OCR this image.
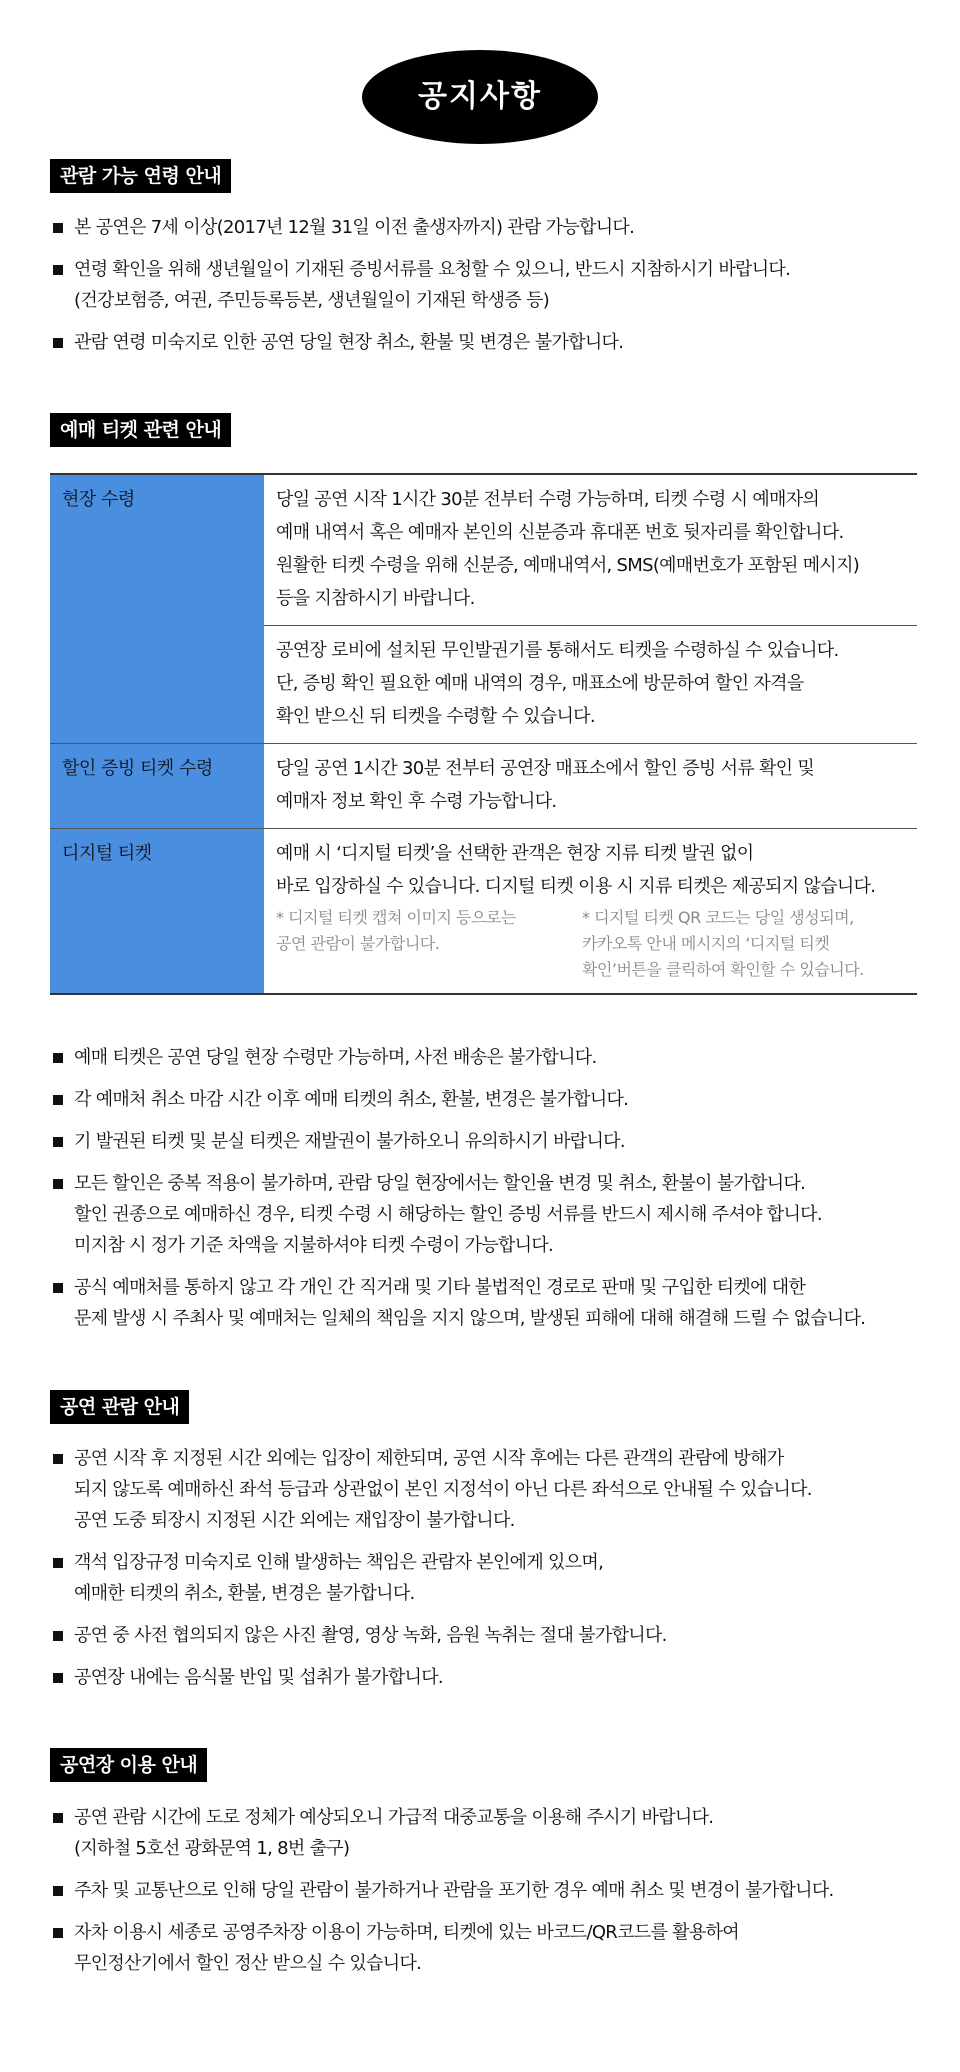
공지사항
관람 가능 연령 안내
본 공연은 7세 이상(2017년 12월 31일 이전 출생자까지) 관람 가능합니다.
연령 확인을 위해 생년월일이 기재된 증빙서류를 요청할 수 있으니, 반드시 지참하시기 바랍니다.
(건강보험증, 여권, 주민등록등본, 생년월일이 기재된 학생증 등)
관람 연령 미숙지로 인한 공연 당일 현장 취소, 환불 및 변경은 불가합니다.
예매 티켓 관련 안내
현장 수령	당일 공연 시작 1시간 30분 전부터 수령 가능하며, 티켓 수령 시 예매자의
예매 내역서 혹은 예매자 본인의 신분증과 휴대폰 번호 뒷자리를 확인합니다.
원활한 티켓 수령을 위해 신분증, 예매내역서, SMS(예매번호가 포함된 메시지)
등을 지참하시기 바랍니다.
공연장 로비에 설치된 무인발권기를 통해서도 티켓을 수령하실 수 있습니다.
단, 증빙 확인 필요한 예매 내역의 경우, 매표소에 방문하여 할인 자격을
확인 받으신 뒤 티켓을 수령할 수 있습니다.
할인 증빙 티켓 수령	당일 공연 1시간 30분 전부터 공연장 매표소에서 할인 증빙 서류 확인 및
예매자 정보 확인 후 수령 가능합니다.
디지털 티켓	예매 시 ‘디지털 티켓’을 선택한 관객은 현장 지류 티켓 발권 없이
바로 입장하실 수 있습니다. 디지털 티켓 이용 시 지류 티켓은 제공되지 않습니다.
* 디지털 티켓 캡쳐 이미지 등으로는
공연 관람이 불가합니다.
* 디지털 티켓 QR 코드는 당일 생성되며,
카카오톡 안내 메시지의 ‘디지털 티켓
확인’버튼을 클릭하여 확인할 수 있습니다.
예매 티켓은 공연 당일 현장 수령만 가능하며, 사전 배송은 불가합니다.
각 예매처 취소 마감 시간 이후 예매 티켓의 취소, 환불, 변경은 불가합니다.
기 발권된 티켓 및 분실 티켓은 재발권이 불가하오니 유의하시기 바랍니다.
모든 할인은 중복 적용이 불가하며, 관람 당일 현장에서는 할인율 변경 및 취소, 환불이 불가합니다.
할인 권종으로 예매하신 경우, 티켓 수령 시 해당하는 할인 증빙 서류를 반드시 제시해 주셔야 합니다.
미지참 시 정가 기준 차액을 지불하셔야 티켓 수령이 가능합니다.
공식 예매처를 통하지 않고 각 개인 간 직거래 및 기타 불법적인 경로로 판매 및 구입한 티켓에 대한
문제 발생 시 주최사 및 예매처는 일체의 책임을 지지 않으며, 발생된 피해에 대해 해결해 드릴 수 없습니다.
공연 관람 안내
공연 시작 후 지정된 시간 외에는 입장이 제한되며, 공연 시작 후에는 다른 관객의 관람에 방해가
되지 않도록 예매하신 좌석 등급과 상관없이 본인 지정석이 아닌 다른 좌석으로 안내될 수 있습니다.
공연 도중 퇴장시 지정된 시간 외에는 재입장이 불가합니다.
객석 입장규정 미숙지로 인해 발생하는 책임은 관람자 본인에게 있으며,
예매한 티켓의 취소, 환불, 변경은 불가합니다.
공연 중 사전 협의되지 않은 사진 촬영, 영상 녹화, 음원 녹취는 절대 불가합니다.
공연장 내에는 음식물 반입 및 섭취가 불가합니다.
공연장 이용 안내
공연 관람 시간에 도로 정체가 예상되오니 가급적 대중교통을 이용해 주시기 바랍니다.
(지하철 5호선 광화문역 1, 8번 출구)
주차 및 교통난으로 인해 당일 관람이 불가하거나 관람을 포기한 경우 예매 취소 및 변경이 불가합니다.
자차 이용시 세종로 공영주차장 이용이 가능하며, 티켓에 있는 바코드/QR코드를 활용하여
무인정산기에서 할인 정산 받으실 수 있습니다.
